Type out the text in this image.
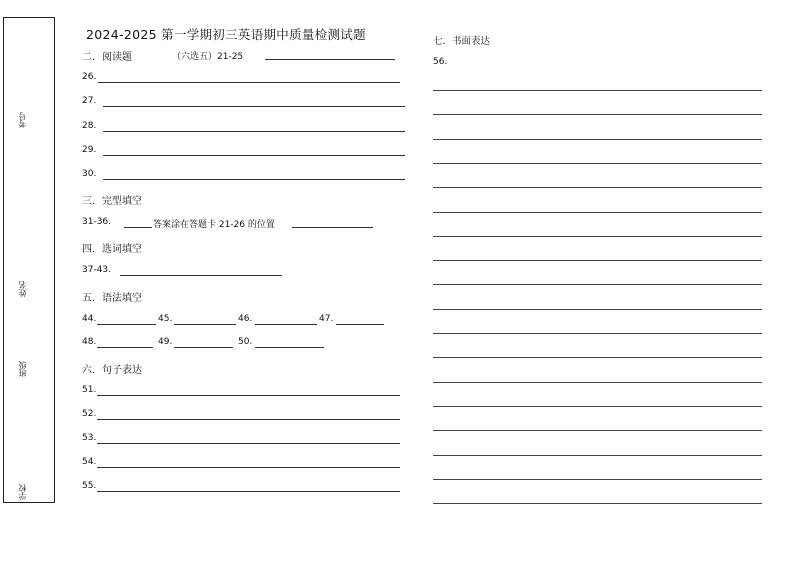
考号
姓名
班级
学校
2024-2025 第一学期初三英语期中质量检测试题
二．阅读题	（六选五）21-25
26.
27.
28.
29.
30.
三．完型填空
31-36.	答案涂在答题卡 21-26 的位置
四．选词填空
37-43.
五．语法填空
44.	45.	46.	47.
48.	49.	50.
六．句子表达
51.
52.
53.
54.
55.
七．书面表达
56.
